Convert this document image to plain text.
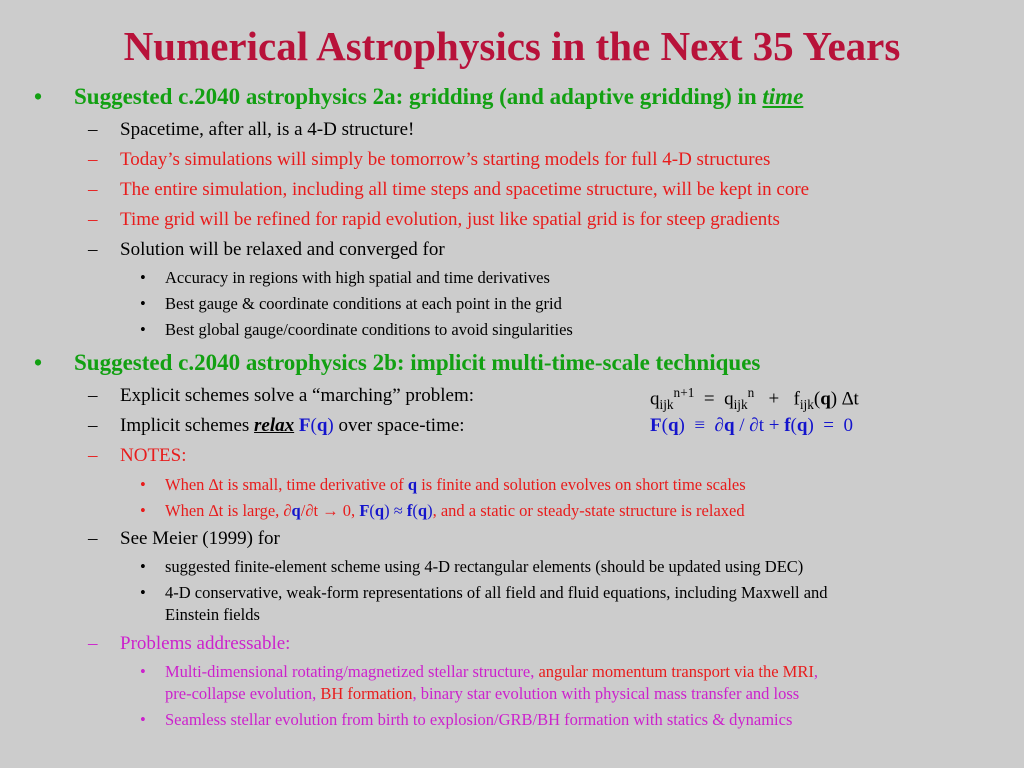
Numerical Astrophysics in the Next 35 Years
• Suggested c.2040 astrophysics 2a: gridding (and adaptive gridding) in time
– Spacetime, after all, is a 4-D structure!
– Today’s simulations will simply be tomorrow’s starting models for full 4-D structures
– The entire simulation, including all time steps and spacetime structure, will be kept in core
– Time grid will be refined for rapid evolution, just like spatial grid is for steep gradients
– Solution will be relaxed and converged for
• Accuracy in regions with high spatial and time derivatives
• Best gauge & coordinate conditions at each point in the grid
• Best global gauge/coordinate conditions to avoid singularities
• Suggested c.2040 astrophysics 2b: implicit multi-time-scale techniques
– Explicit schemes solve a “marching” problem:	$q_{ijk}^{n+1} = q_{ijk}^n + f_{ijk}(q)$ ∆t
– Implicit schemes relax F(q) over space-time:	F(q)  ≡  ∂q / ∂t + f(q)  =  0
– NOTES:
• When ∆t is small, time derivative of q is finite and solution evolves on short time scales
• When ∆t is large, ∂q/∂t → 0, F(q) ≈ f(q), and a static or steady-state structure is relaxed
– See Meier (1999) for
• suggested finite-element scheme using 4-D rectangular elements (should be updated using DEC)
• 4-D conservative, weak-form representations of all field and fluid equations, including Maxwell and
Einstein fields
– Problems addressable:
• Multi-dimensional rotating/magnetized stellar structure, angular momentum transport via the MRI,
pre-collapse evolution, BH formation, binary star evolution with physical mass transfer and loss
• Seamless stellar evolution from birth to explosion/GRB/BH formation with statics & dynamics
